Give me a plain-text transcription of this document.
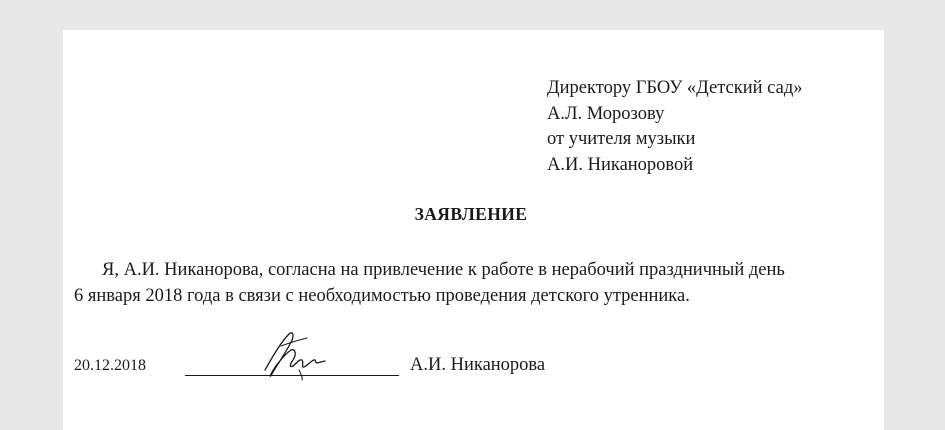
Директору ГБОУ «Детский сад»
А.Л. Морозову
от учителя музыки
А.И. Никаноровой
ЗАЯВЛЕНИЕ

Я, А.И. Никанорова, согласна на привлечение к работе в нерабочий праздничный день

6 января 2018 года в связи с необходимостью проведения детского утренника.

20.12.2018	А.И. Никанорова
